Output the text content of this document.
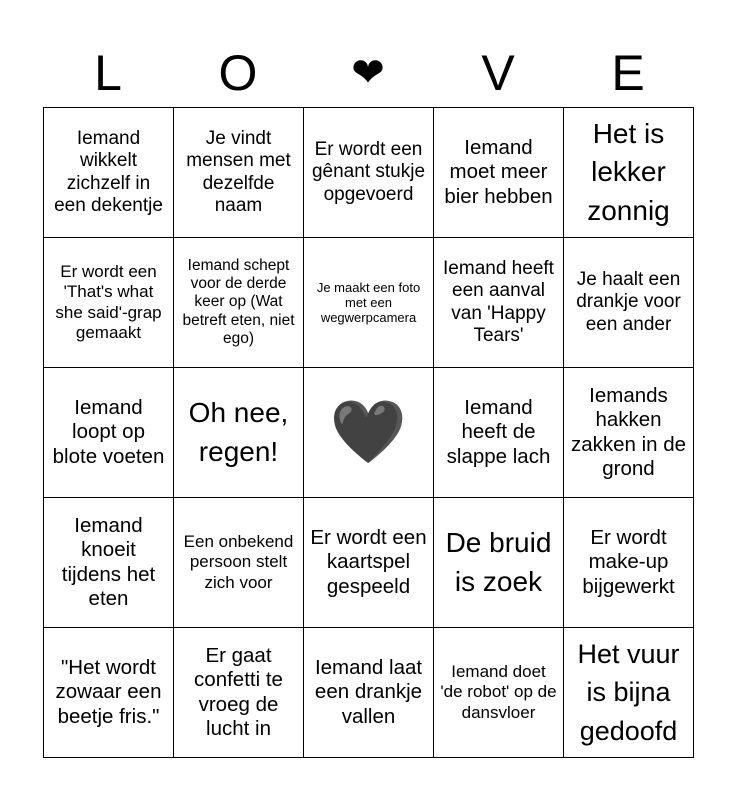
L	O	❤	V	E
Iemand wikkelt zichzelf in een dekentje	Je vindt mensen met dezelfde naam	Er wordt een gênant stukje opgevoerd	Iemand moet meer bier hebben	Het is lekker zonnig
Er wordt een 'That's what she said'-grap gemaakt	Iemand schept voor de derde keer op (Wat betreft eten, niet ego)	Je maakt een foto met een wegwerpcamera	Iemand heeft een aanval van 'Happy Tears'	Je haalt een drankje voor een ander
Iemand loopt op blote voeten	Oh nee, regen!	🖤	Iemand heeft de slappe lach	Iemands hakken zakken in de grond
Iemand knoeit tijdens het eten	Een onbekend persoon stelt zich voor	Er wordt een kaartspel gespeeld	De bruid is zoek	Er wordt make-up bijgewerkt
"Het wordt zowaar een beetje fris."	Er gaat confetti te vroeg de lucht in	Iemand laat een drankje vallen	Iemand doet 'de robot' op de dansvloer	Het vuur is bijna gedoofd
